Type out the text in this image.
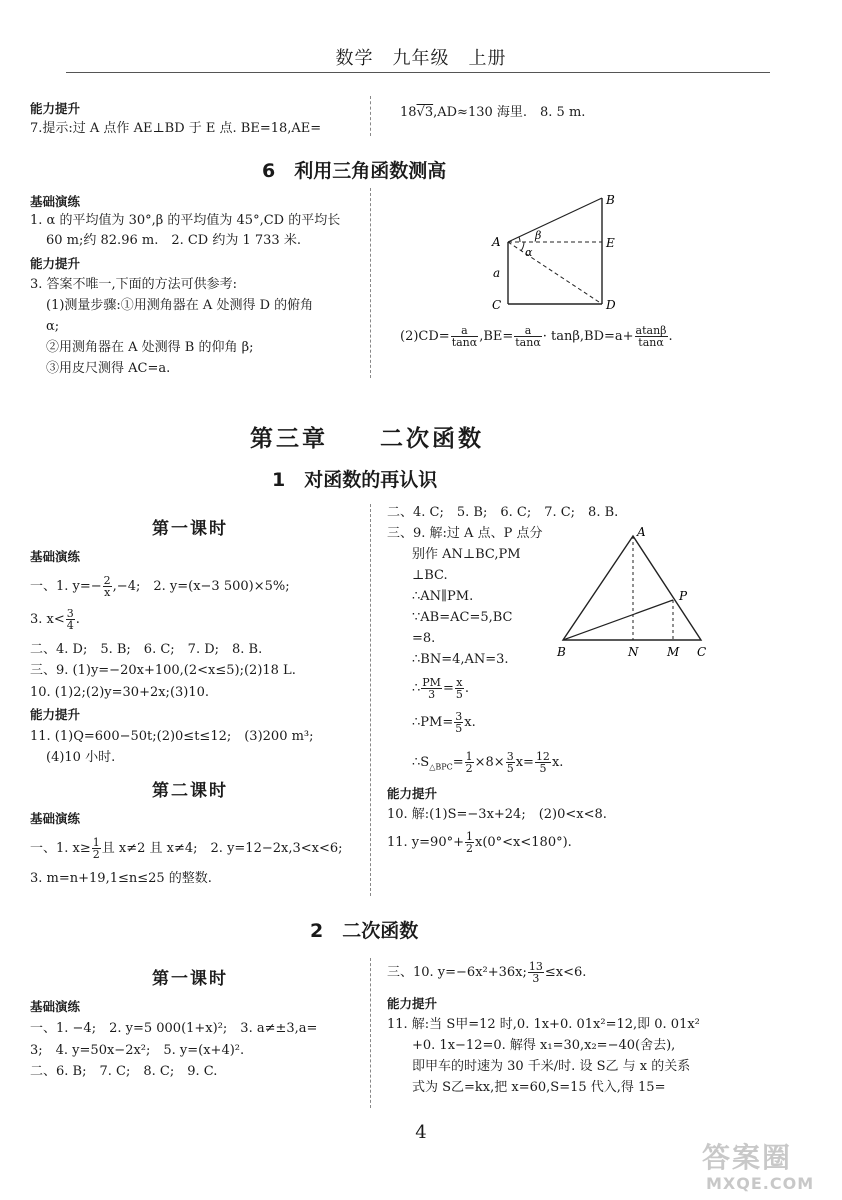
数学　九年级　上册
能力提升
7.提示:过 A 点作 AE⊥BD 于 E 点. BE=18,AE=
18√3,AD≈130 海里.　8. 5 m.
6　利用三角函数测高
基础演练
1. α 的平均值为 30°,β 的平均值为 45°,CD 的平均长
60 m;约 82.96 m.　2. CD 约为 1 733 米.
能力提升
3. 答案不唯一,下面的方法可供参考:
(1)测量步骤:①用测角器在 A 处测得 D 的俯角
α;
②用测角器在 A 处测得 B 的仰角 β;
③用皮尺测得 AC=a.
A
B
E
C	D
a
β
α
$(2)CD= \frac{a}{\tan\alpha} ,BE= \frac{a}{\tan\alpha} \cdot \tan\beta,BD=a+ \frac{atan\beta}{\tan\alpha}$ .
第三章　　二次函数
1　对函数的再认识
第一课时
基础演练
一、1. $y=- \frac{2}{x} ,-4$;　2. y=(x−3 500)×5%;
3. $x< \frac{3}{4}$ .
二、4. D;　5. B;　6. C;　7. D;　8. B.
三、9. (1)y=−20x+100,(2<x≤5);(2)18 L.
10. (1)2;(2)y=30+2x;(3)10.
能力提升
11. (1)Q=600−50t;(2)0≤t≤12;　(3)200 m³;
(4)10 小时.
第二课时
基础演练
一、1. $x\ge \frac{1}{2}$ 且 x≠2 且 x≠4;　2. y=12−2x,3<x<6;
3. m=n+19,1≤n≤25 的整数.
二、4. C;　5. B;　6. C;　7. C;　8. B.
三、9. 解:过 A 点、P 点分
别作 AN⊥BC,PM
⊥BC.
∴AN∥PM.
∵AB=AC=5,BC
=8.
∴BN=4,AN=3.
∴ $\frac{PM}{3} = \frac{x}{5}$ .
∴PM= $\frac{3}{5} x$.
$\therefore S_{\triangle BPC}= \frac{1}{2} \times 8\times \frac{3}{5} x= \frac{12}{5} x$.
能力提升
10. 解:(1)S=−3x+24;　(2)0<x<8.
11. $y=90^\circ+ \frac{1}{2} x(0^\circ<x<180^\circ)$.
A
P
B	N M C
2　二次函数
第一课时
基础演练
一、1. −4;　2. y=5 000(1+x)²;　3. a≠±3,a=
3;　4. y=50x−2x²;　5. y=(x+4)².
二、6. B;　7. C;　8. C;　9. C.
三、10. y=−6x²+36x; $\frac{13}{3} \le x<6$.
能力提升
11. 解:当 S甲=12 时,0. 1x+0. 01x²=12,即 0. 01x²
+0. 1x−12=0. 解得 x₁=30,x₂=−40(舍去),
即甲车的时速为 30 千米/时. 设 S乙 与 x 的关系
式为 S乙=kx,把 x=60,S=15 代入,得 15=
4
答案圈
MXQE.COM
